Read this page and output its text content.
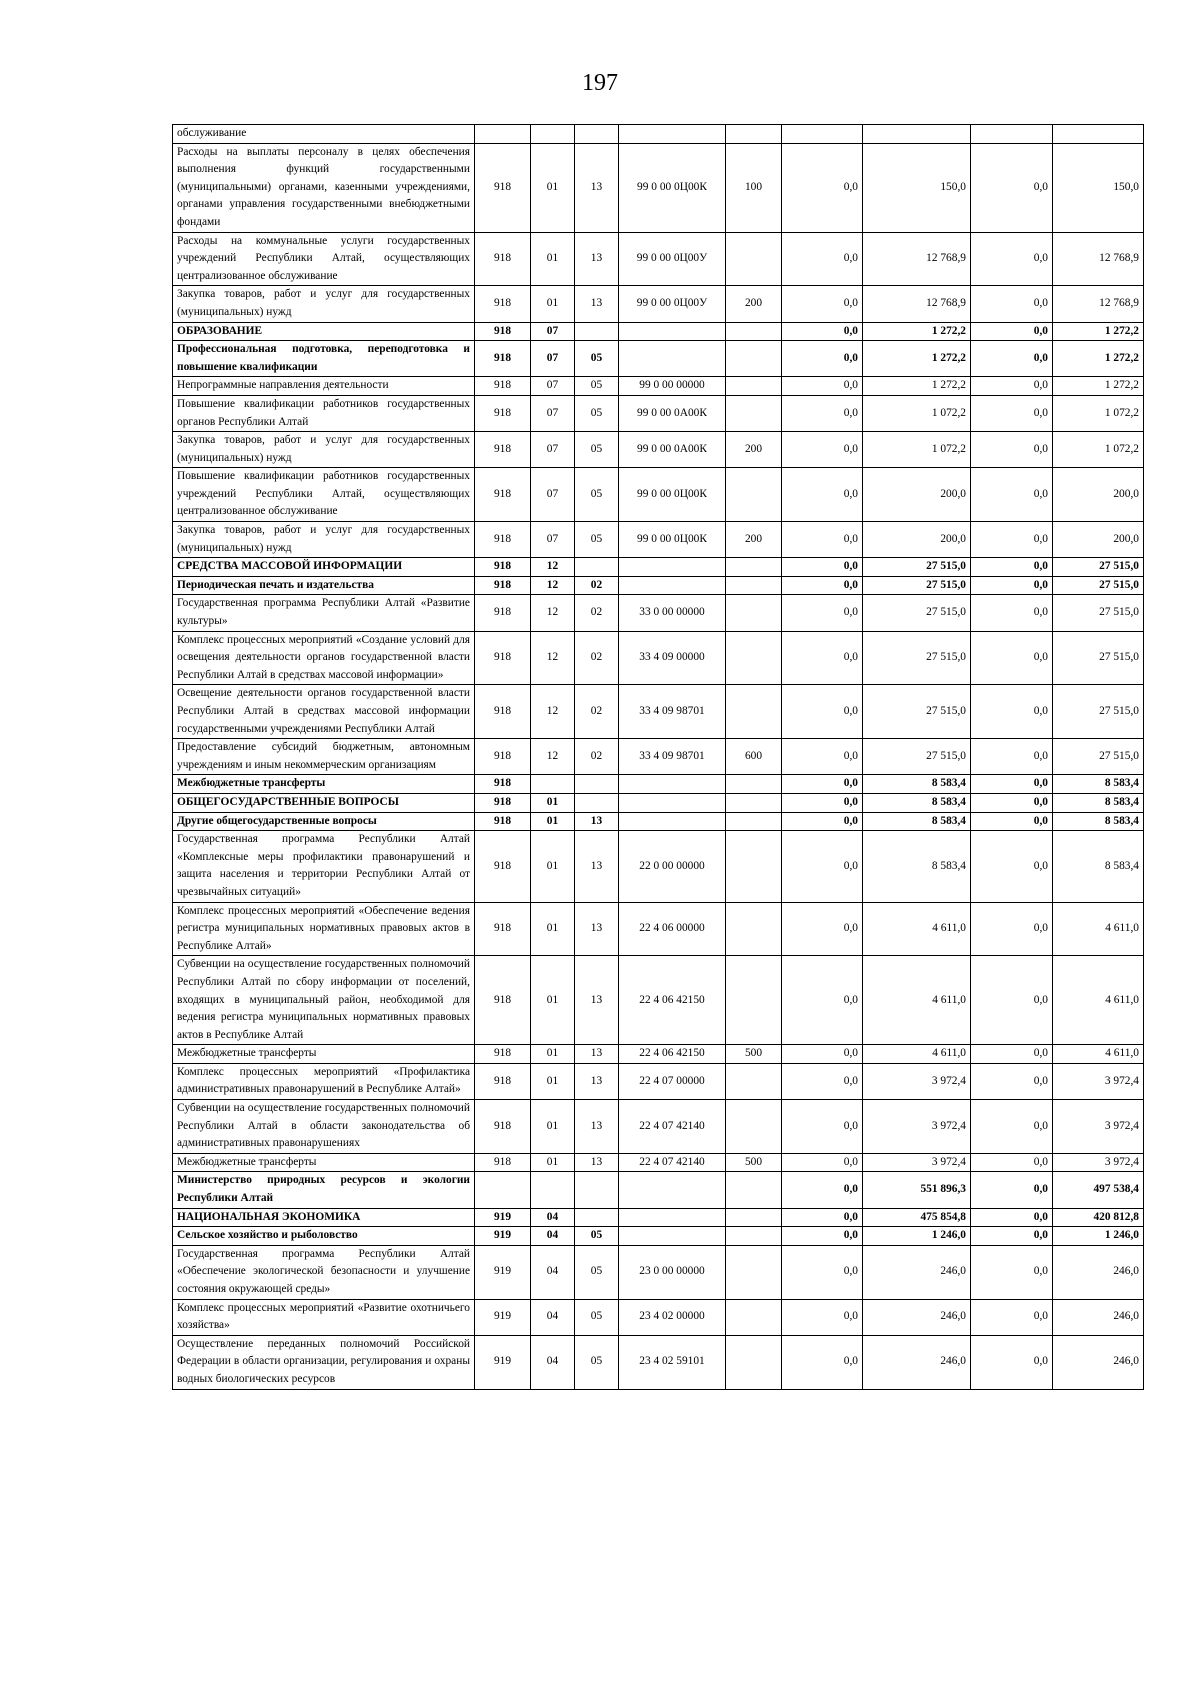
197
обслуживание									
Расходы на выплаты персоналу в целях обеспечения выполнения функций государственными (муниципальными) органами, казенными учреждениями, органами управления государственными внебюджетными фондами	918	01	13	99 0 00 0Ц00К	100	0,0	150,0	0,0	150,0
Расходы на коммунальные услуги государственных учреждений Республики Алтай, осуществляющих централизованное обслуживание	918	01	13	99 0 00 0Ц00У		0,0	12 768,9	0,0	12 768,9
Закупка товаров, работ и услуг для государственных (муниципальных) нужд	918	01	13	99 0 00 0Ц00У	200	0,0	12 768,9	0,0	12 768,9
ОБРАЗОВАНИЕ	918	07				0,0	1 272,2	0,0	1 272,2
Профессиональная подготовка, переподготовка и повышение квалификации	918	07	05			0,0	1 272,2	0,0	1 272,2
Непрограммные направления деятельности	918	07	05	99 0 00 00000		0,0	1 272,2	0,0	1 272,2
Повышение квалификации работников государственных органов Республики Алтай	918	07	05	99 0 00 0А00К		0,0	1 072,2	0,0	1 072,2
Закупка товаров, работ и услуг для государственных (муниципальных) нужд	918	07	05	99 0 00 0А00К	200	0,0	1 072,2	0,0	1 072,2
Повышение квалификации работников государственных учреждений Республики Алтай, осуществляющих централизованное обслуживание	918	07	05	99 0 00 0Ц00К		0,0	200,0	0,0	200,0
Закупка товаров, работ и услуг для государственных (муниципальных) нужд	918	07	05	99 0 00 0Ц00К	200	0,0	200,0	0,0	200,0
СРЕДСТВА МАССОВОЙ ИНФОРМАЦИИ	918	12				0,0	27 515,0	0,0	27 515,0
Периодическая печать и издательства	918	12	02			0,0	27 515,0	0,0	27 515,0
Государственная программа Республики Алтай «Развитие культуры»	918	12	02	33 0 00 00000		0,0	27 515,0	0,0	27 515,0
Комплекс процессных мероприятий «Создание условий для освещения деятельности органов государственной власти Республики Алтай в средствах массовой информации»	918	12	02	33 4 09 00000		0,0	27 515,0	0,0	27 515,0
Освещение деятельности органов государственной власти Республики Алтай в средствах массовой информации государственными учреждениями Республики Алтай	918	12	02	33 4 09 98701		0,0	27 515,0	0,0	27 515,0
Предоставление субсидий бюджетным, автономным учреждениям и иным некоммерческим организациям	918	12	02	33 4 09 98701	600	0,0	27 515,0	0,0	27 515,0
Межбюджетные трансферты	918					0,0	8 583,4	0,0	8 583,4
ОБЩЕГОСУДАРСТВЕННЫЕ ВОПРОСЫ	918	01				0,0	8 583,4	0,0	8 583,4
Другие общегосударственные вопросы	918	01	13			0,0	8 583,4	0,0	8 583,4
Государственная программа Республики Алтай «Комплексные меры профилактики правонарушений и защита населения и территории Республики Алтай от чрезвычайных ситуаций»	918	01	13	22 0 00 00000		0,0	8 583,4	0,0	8 583,4
Комплекс процессных мероприятий «Обеспечение ведения регистра муниципальных нормативных правовых актов в Республике Алтай»	918	01	13	22 4 06 00000		0,0	4 611,0	0,0	4 611,0
Субвенции на осуществление государственных полномочий Республики Алтай по сбору информации от поселений, входящих в муниципальный район, необходимой для ведения регистра муниципальных нормативных правовых актов в Республике Алтай	918	01	13	22 4 06 42150		0,0	4 611,0	0,0	4 611,0
Межбюджетные трансферты	918	01	13	22 4 06 42150	500	0,0	4 611,0	0,0	4 611,0
Комплекс процессных мероприятий «Профилактика административных правонарушений в Республике Алтай»	918	01	13	22 4 07 00000		0,0	3 972,4	0,0	3 972,4
Субвенции на осуществление государственных полномочий Республики Алтай в области законодательства об административных правонарушениях	918	01	13	22 4 07 42140		0,0	3 972,4	0,0	3 972,4
Межбюджетные трансферты	918	01	13	22 4 07 42140	500	0,0	3 972,4	0,0	3 972,4
Министерство природных ресурсов и экологии Республики Алтай						0,0	551 896,3	0,0	497 538,4
НАЦИОНАЛЬНАЯ ЭКОНОМИКА	919	04				0,0	475 854,8	0,0	420 812,8
Сельское хозяйство и рыболовство	919	04	05			0,0	1 246,0	0,0	1 246,0
Государственная программа Республики Алтай «Обеспечение экологической безопасности и улучшение состояния окружающей среды»	919	04	05	23 0 00 00000		0,0	246,0	0,0	246,0
Комплекс процессных мероприятий «Развитие охотничьего хозяйства»	919	04	05	23 4 02 00000		0,0	246,0	0,0	246,0
Осуществление переданных полномочий Российской Федерации в области организации, регулирования и охраны водных биологических ресурсов	919	04	05	23 4 02 59101		0,0	246,0	0,0	246,0
